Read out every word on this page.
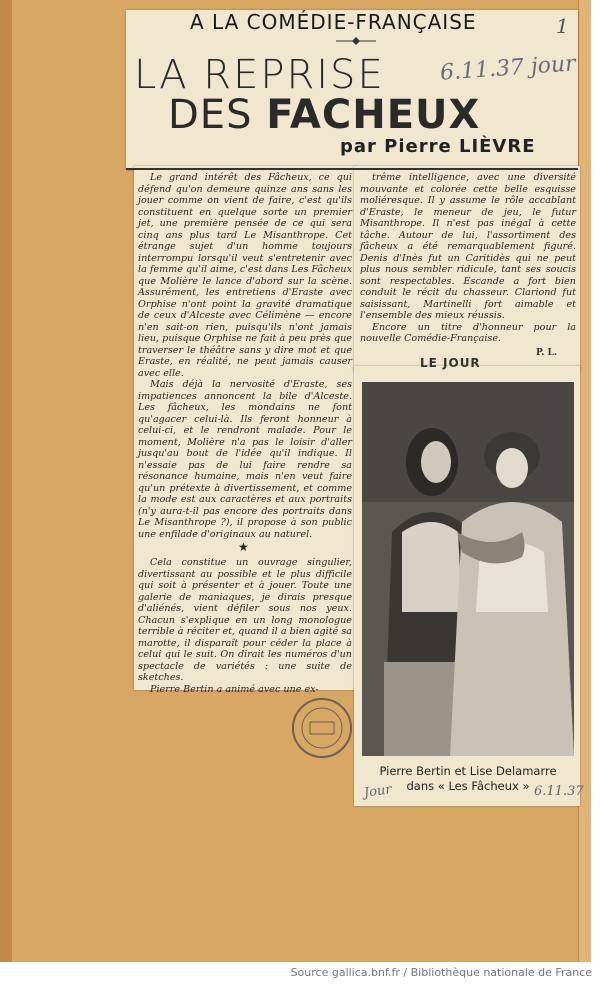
A LA COMÉDIE-FRANÇAISE
LA REPRISE
DES FACHEUX
par Pierre LIÈVRE
6.11.37 jour
1

Le grand intérêt des Fâcheux, ce qui défend qu'on demeure quinze ans sans les jouer comme on vient de faire, c'est qu'ils constituent en quelque sorte un premier jet, une première pensée de ce qui sera cinq ans plus tard Le Misanthrope. Cet étrange sujet d'un homme toujours interrompu lorsqu'il veut s'entretenir avec la femme qu'il aime, c'est dans Les Fâcheux que Molière le lance d'abord sur la scène. Assurément, les entretiens d'Eraste avec Orphise n'ont point la gravité dramatique de ceux d'Alceste avec Célimène — encore n'en sait-on rien, puisqu'ils n'ont jamais lieu, puisque Orphise ne fait à peu près que traverser le théâtre sans y dire mot et que Eraste, en réalité, ne peut jamais causer avec elle.

Mais déjà la nervosité d'Eraste, ses impatiences annoncent la bile d'Alceste. Les fâcheux, les mondains ne font qu'agacer celui-là. Ils feront honneur à celui-ci, et le rendront malade. Pour le moment, Molière n'a pas le loisir d'aller jusqu'au bout de l'idée qu'il indique. Il n'essaie pas de lui faire rendre sa résonance humaine, mais n'en veut faire qu'un prétexte à divertissement, et comme la mode est aux caractères et aux portraits (n'y aura-t-il pas encore des portraits dans Le Misanthrope ?), il propose à son public une enfilade d'originaux au naturel.

★

Cela constitue un ouvrage singulier, divertissant au possible et le plus difficile qui soit à présenter et à jouer. Toute une galerie de maniaques, je dirais presque d'aliénés, vient défiler sous nos yeux. Chacun s'explique en un long monologue terrible à réciter et, quand il a bien agité sa marotte, il disparaît pour céder la place à celui qui le suit. On dirait les numéros d'un spectacle de variétés : une suite de sketches.

Pierre Bertin a animé avec une ex-

trême intelligence, avec une diversité mouvante et colorée cette belle esquisse moliéresque. Il y assume le rôle accablant d'Eraste, le meneur de jeu, le futur Misanthrope. Il n'est pas inégal à cette tâche. Autour de lui, l'assortiment des fâcheux a été remarquablement figuré. Denis d'Inès fut un Caritidès qui ne peut plus nous sembler ridicule, tant ses soucis sont respectables. Escande a fort bien conduit le récit du chasseur. Clariond fut saisissant, Martinelli fort aimable et l'ensemble des mieux réussis.

Encore un titre d'honneur pour la nouvelle Comédie-Française.

P. L.
LE JOUR
Pierre Bertin et Lise Delamarre
dans « Les Fâcheux »
Jour	6.11.37
Source gallica.bnf.fr / Bibliothèque nationale de France
